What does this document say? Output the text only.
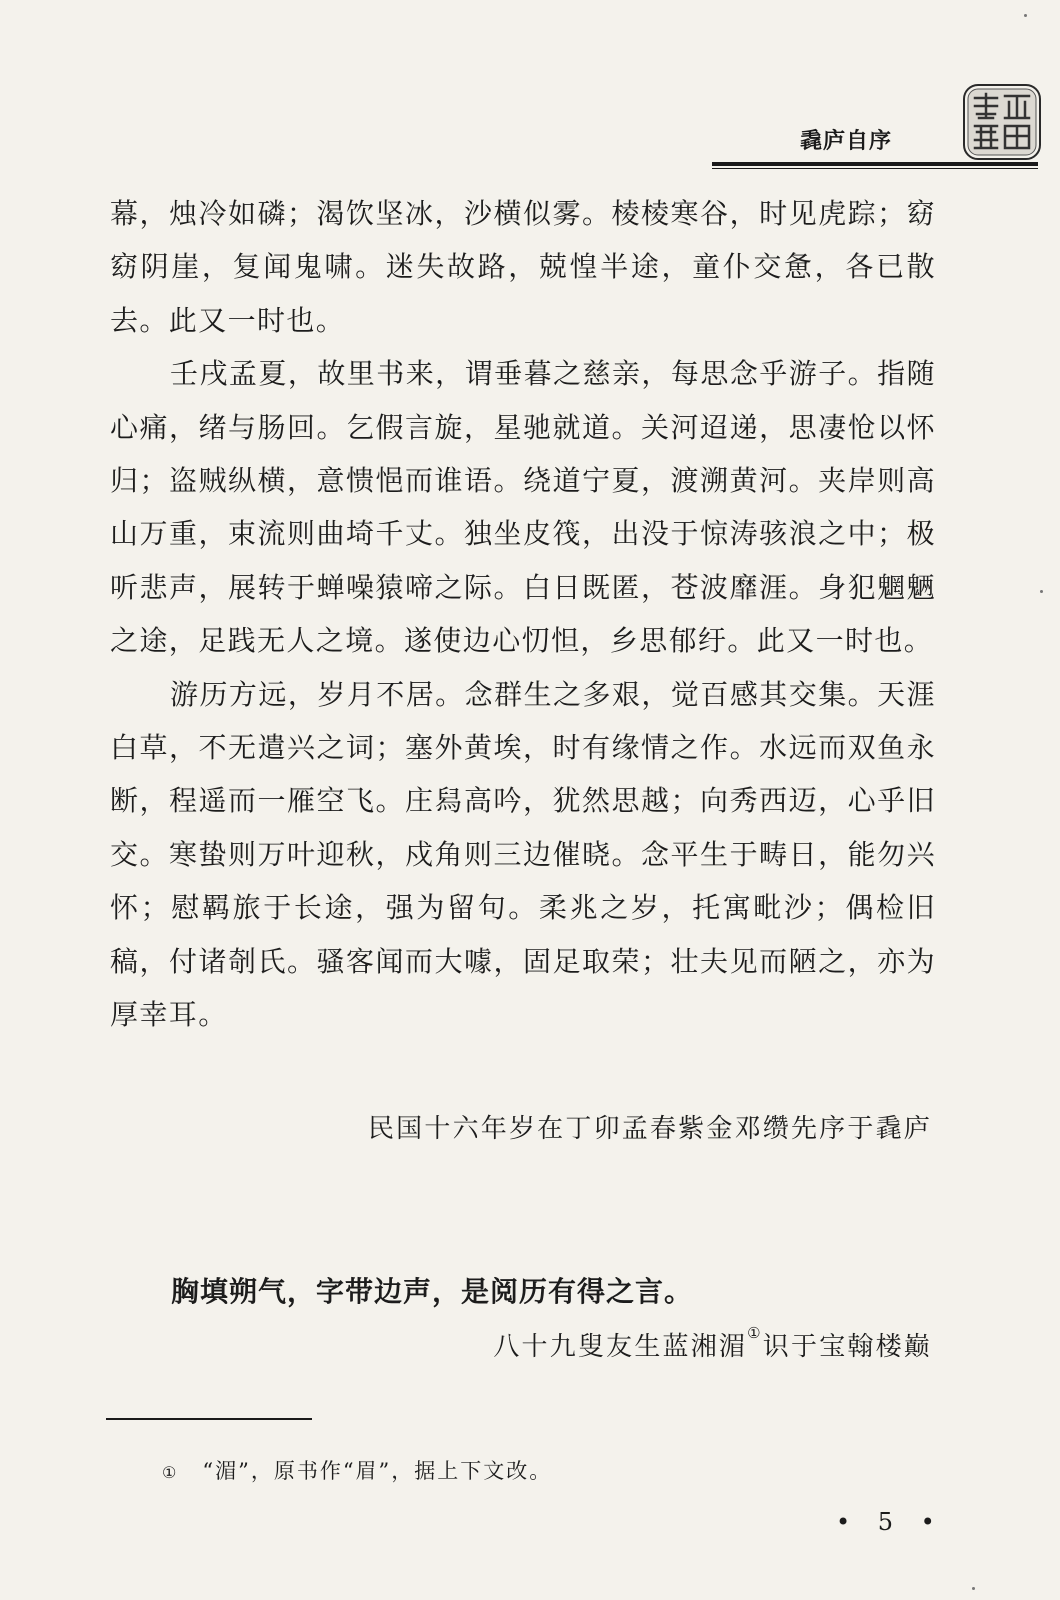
毳庐自序

幕，烛冷如磷；渴饮坚冰，沙横似雾。棱棱寒谷，时见虎踪；窈窈阴崖，复闻鬼啸。迷失故路，兢惶半途，童仆交惫，各已散去。此又一时也。

壬戌孟夏，故里书来，谓垂暮之慈亲，每思念乎游子。指随心痛，绪与肠回。乞假言旋，星驰就道。关河迢递，思凄怆以怀归；盗贼纵横，意愦悒而谁语。绕道宁夏，渡溯黄河。夹岸则高山万重，束流则曲埼千丈。独坐皮筏，出没于惊涛骇浪之中；极听悲声，展转于蝉噪猿啼之际。白日既匿，苍波靡涯。身犯魍魉之途，足践无人之境。遂使边心忉怛，乡思郁纡。此又一时也。

游历方远，岁月不居。念群生之多艰，觉百感其交集。天涯白草，不无遣兴之词；塞外黄埃，时有缘情之作。水远而双鱼永断，程遥而一雁空飞。庄舄高吟，犹然思越；向秀西迈，心乎旧交。寒蛰则万叶迎秋，戍角则三边催晓。念平生于畴日，能勿兴怀；慰羁旅于长途，强为留句。柔兆之岁，托寓毗沙；偶检旧稿，付诸剞氏。骚客闻而大噱，固足取荣；壮夫见而陋之，亦为厚幸耳。

民国十六年岁在丁卯孟春紫金邓缵先序于毳庐
胸填朔气，字带边声，是阅历有得之言。
八十九叟友生蓝湘湄①识于宝翰楼巅
① “湄”，原书作“眉”，据上下文改。
• 5 •
